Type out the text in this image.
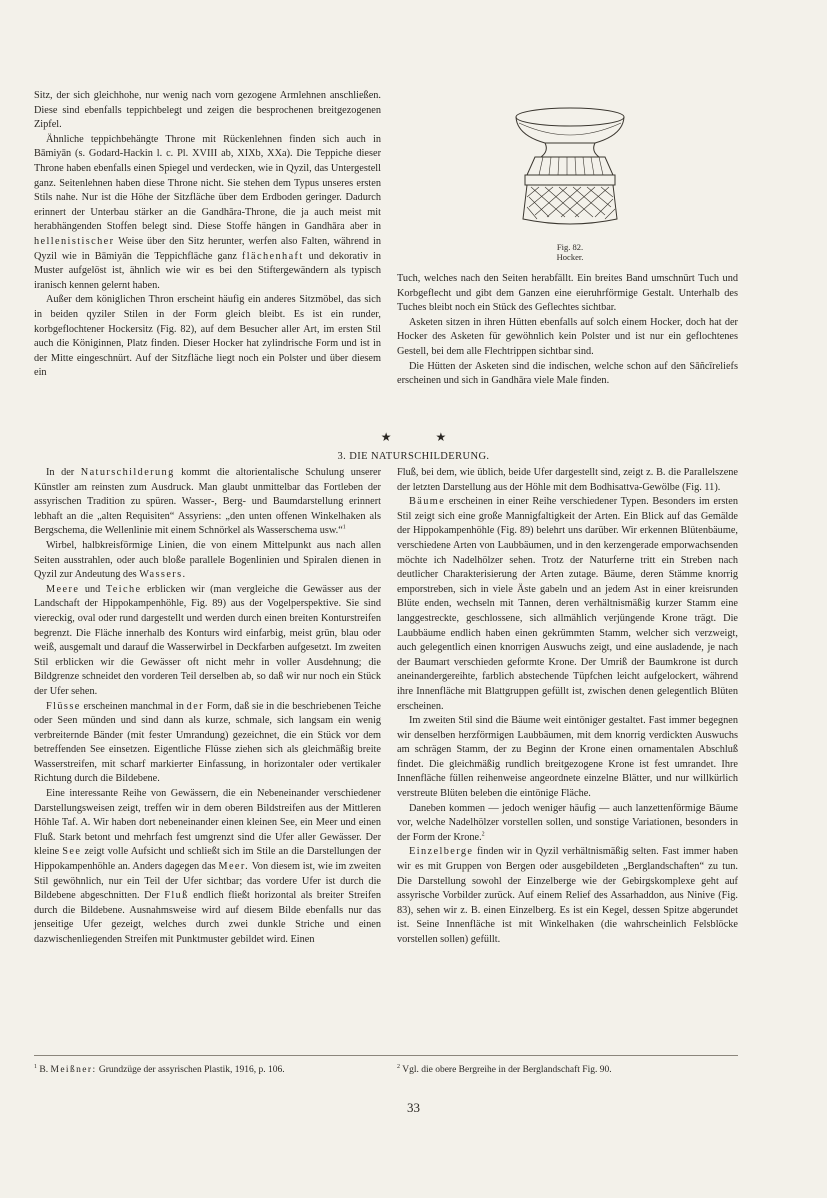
Sitz, der sich gleichhohe, nur wenig nach vorn gezogene Armlehnen anschließen. Diese sind ebenfalls teppichbelegt und zeigen die besprochenen breitgezogenen Zipfel.

Ähnliche teppichbehängte Throne mit Rückenlehnen finden sich auch in Bāmiyān (s. Godard-Hackin l. c. Pl. XVIII ab, XIXb, XXa). Die Teppiche dieser Throne haben ebenfalls einen Spiegel und verdecken, wie in Qyzil, das Untergestell ganz. Seitenlehnen haben diese Throne nicht. Sie stehen dem Typus unseres ersten Stils nahe. Nur ist die Höhe der Sitzfläche über dem Erdboden geringer. Dadurch erinnert der Unterbau stärker an die Gandhāra-Throne, die ja auch meist mit herabhängenden Stoffen belegt sind. Diese Stoffe hängen in Gandhāra aber in hellenistischer Weise über den Sitz herunter, werfen also Falten, während in Qyzil wie in Bāmiyān die Teppichfläche ganz flächenhaft und dekorativ in Muster aufgelöst ist, ähnlich wie wir es bei den Stiftergewändern als typisch iranisch kennen gelernt haben.

Außer dem königlichen Thron erscheint häufig ein anderes Sitzmöbel, das sich in beiden qyziler Stilen in der Form gleich bleibt. Es ist ein runder, korbgeflochtener Hockersitz (Fig. 82), auf dem Besucher aller Art, im ersten Stil auch die Königinnen, Platz finden. Dieser Hocker hat zylindrische Form und ist in der Mitte eingeschnürt. Auf der Sitzfläche liegt noch ein Polster und über diesem ein

Fig. 82.
Hocker.

Tuch, welches nach den Seiten herabfällt. Ein breites Band umschnürt Tuch und Korbgeflecht und gibt dem Ganzen eine eieruhrförmige Gestalt. Unterhalb des Tuches bleibt noch ein Stück des Geflechtes sichtbar.

Asketen sitzen in ihren Hütten ebenfalls auf solch einem Hocker, doch hat der Hocker des Asketen für gewöhnlich kein Polster und ist nur ein geflochtenes Gestell, bei dem alle Flechtrippen sichtbar sind.

Die Hütten der Asketen sind die indischen, welche schon auf den Sāñcīreliefs erscheinen und sich in Gandhāra viele Male finden.

★	★
3. DIE NATURSCHILDERUNG.

In der Naturschilderung kommt die altorientalische Schulung unserer Künstler am reinsten zum Ausdruck. Man glaubt unmittelbar das Fortleben der assyrischen Tradition zu spüren. Wasser-, Berg- und Baumdarstellung erinnert lebhaft an die „alten Requisiten“ Assyriens: „den unten offenen Winkelhaken als Bergschema, die Wellenlinie mit einem Schnörkel als Wasserschema usw.“$^1$

Wirbel, halbkreisförmige Linien, die von einem Mittelpunkt aus nach allen Seiten ausstrahlen, oder auch bloße parallele Bogenlinien und Spiralen dienen in Qyzil zur Andeutung des Wassers.

Meere und Teiche erblicken wir (man vergleiche die Gewässer aus der Landschaft der Hippokampenhöhle, Fig. 89) aus der Vogelperspektive. Sie sind viereckig, oval oder rund dargestellt und werden durch einen breiten Konturstreifen begrenzt. Die Fläche innerhalb des Konturs wird einfarbig, meist grün, blau oder weiß, ausgemalt und darauf die Wasserwirbel in Deckfarben aufgesetzt. Im zweiten Stil erblicken wir die Gewässer oft nicht mehr in voller Ausdehnung; die Bildgrenze schneidet den vorderen Teil derselben ab, so daß wir nur noch ein Stück der Ufer sehen.

Flüsse erscheinen manchmal in der Form, daß sie in die beschriebenen Teiche oder Seen münden und sind dann als kurze, schmale, sich langsam ein wenig verbreiternde Bänder (mit fester Umrandung) gezeichnet, die ein Stück vor dem betreffenden See einsetzen. Eigentliche Flüsse ziehen sich als gleichmäßig breite Wasserstreifen, mit scharf markierter Einfassung, in horizontaler oder vertikaler Richtung durch die Bildebene.

Eine interessante Reihe von Gewässern, die ein Nebeneinander verschiedener Darstellungsweisen zeigt, treffen wir in dem oberen Bildstreifen aus der Mittleren Höhle Taf. A. Wir haben dort nebeneinander einen kleinen See, ein Meer und einen Fluß. Stark betont und mehrfach fest umgrenzt sind die Ufer aller Gewässer. Der kleine See zeigt volle Aufsicht und schließt sich im Stile an die Darstellungen der Hippokampenhöhle an. Anders dagegen das Meer. Von diesem ist, wie im zweiten Stil gewöhnlich, nur ein Teil der Ufer sichtbar; das vordere Ufer ist durch die Bildebene abgeschnitten. Der Fluß endlich fließt horizontal als breiter Streifen durch die Bildebene. Ausnahmsweise wird auf diesem Bilde ebenfalls nur das jenseitige Ufer gezeigt, welches durch zwei dunkle Striche und einen dazwischenliegenden Streifen mit Punktmuster gebildet wird. Einen

Fluß, bei dem, wie üblich, beide Ufer dargestellt sind, zeigt z. B. die Parallelszene der letzten Darstellung aus der Höhle mit dem Bodhisattva-Gewölbe (Fig. 11).

Bäume erscheinen in einer Reihe verschiedener Typen. Besonders im ersten Stil zeigt sich eine große Mannigfaltigkeit der Arten. Ein Blick auf das Gemälde der Hippokampenhöhle (Fig. 89) belehrt uns darüber. Wir erkennen Blütenbäume, verschiedene Arten von Laubbäumen, und in den kerzengerade emporwachsenden möchte ich Nadelhölzer sehen. Trotz der Naturferne tritt ein Streben nach deutlicher Charakterisierung der Arten zutage. Bäume, deren Stämme knorrig emporstreben, sich in viele Äste gabeln und an jedem Ast in einer kreisrunden Blüte enden, wechseln mit Tannen, deren verhältnismäßig kurzer Stamm eine langgestreckte, geschlossene, sich allmählich verjüngende Krone trägt. Die Laubbäume endlich haben einen gekrümmten Stamm, welcher sich verzweigt, auch gelegentlich einen knorrigen Auswuchs zeigt, und eine ausladende, je nach der Baumart verschieden geformte Krone. Der Umriß der Baumkrone ist durch aneinandergereihte, farblich abstechende Tüpfchen leicht aufgelockert, während ihre Innenfläche mit Blattgruppen gefüllt ist, zwischen denen gelegentlich Blüten erscheinen.

Im zweiten Stil sind die Bäume weit eintöniger gestaltet. Fast immer begegnen wir denselben herzförmigen Laubbäumen, mit dem knorrig verdickten Auswuchs am schrägen Stamm, der zu Beginn der Krone einen ornamentalen Abschluß findet. Die gleichmäßig rundlich breitgezogene Krone ist fest umrandet. Ihre Innenfläche füllen reihenweise angeordnete einzelne Blätter, und nur willkürlich verstreute Blüten beleben die eintönige Fläche.

Daneben kommen — jedoch weniger häufig — auch lanzettenförmige Bäume vor, welche Nadelhölzer vorstellen sollen, und sonstige Variationen, besonders in der Form der Krone.$^2$

Einzelberge finden wir in Qyzil verhältnismäßig selten. Fast immer haben wir es mit Gruppen von Bergen oder ausgebildeten „Berglandschaften“ zu tun. Die Darstellung sowohl der Einzelberge wie der Gebirgskomplexe geht auf assyrische Vorbilder zurück. Auf einem Relief des Assarhaddon, aus Ninive (Fig. 83), sehen wir z. B. einen Einzelberg. Es ist ein Kegel, dessen Spitze abgerundet ist. Seine Innenfläche ist mit Winkelhaken (die wahrscheinlich Felsblöcke vorstellen sollen) gefüllt.

$^1$ B. Meißner: Grundzüge der assyrischen Plastik, 1916, p. 106.	$^2$ Vgl. die obere Bergreihe in der Berglandschaft Fig. 90.
33
